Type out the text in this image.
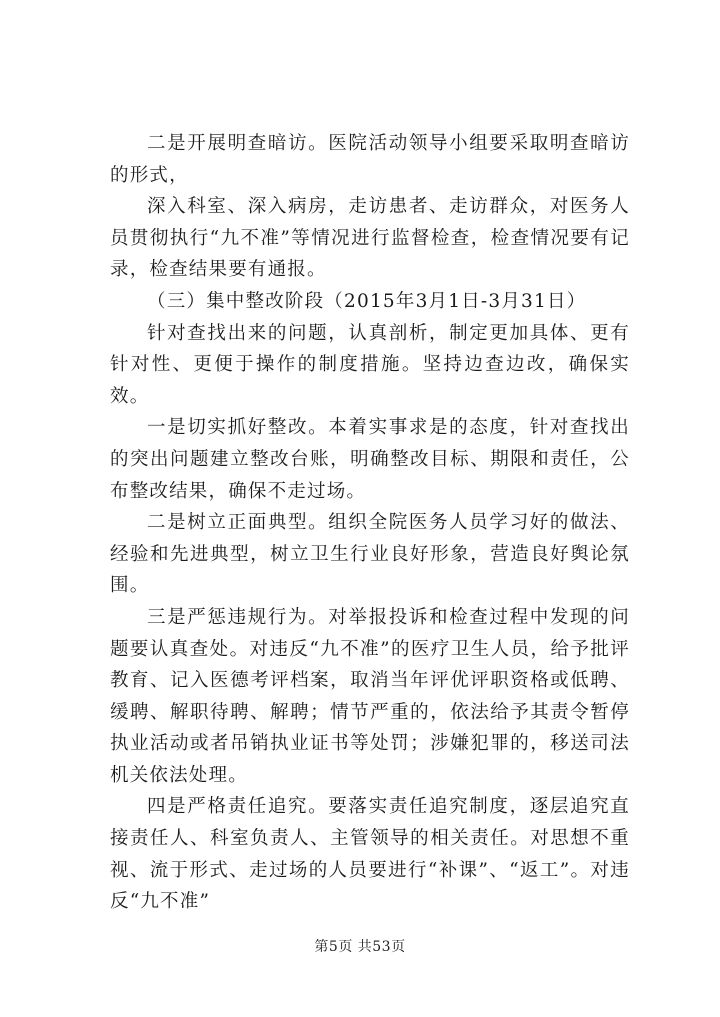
二是开展明查暗访。医院活动领导小组要采取明查暗访的形式，

深入科室、深入病房，走访患者、走访群众，对医务人员贯彻执行“九不准”等情况进行监督检查，检查情况要有记录，检查结果要有通报。

（三）集中整改阶段（2015年3月1日-3月31日）

针对查找出来的问题，认真剖析，制定更加具体、更有针对性、更便于操作的制度措施。坚持边查边改，确保实效。

一是切实抓好整改。本着实事求是的态度，针对查找出的突出问题建立整改台账，明确整改目标、期限和责任，公布整改结果，确保不走过场。

二是树立正面典型。组织全院医务人员学习好的做法、经验和先进典型，树立卫生行业良好形象，营造良好舆论氛围。

三是严惩违规行为。对举报投诉和检查过程中发现的问题要认真查处。对违反“九不准”的医疗卫生人员，给予批评教育、记入医德考评档案，取消当年评优评职资格或低聘、缓聘、解职待聘、解聘；情节严重的，依法给予其责令暂停执业活动或者吊销执业证书等处罚；涉嫌犯罪的，移送司法机关依法处理。

四是严格责任追究。要落实责任追究制度，逐层追究直接责任人、科室负责人、主管领导的相关责任。对思想不重视、流于形式、走过场的人员要进行“补课”、“返工”。对违反“九不准”

第5页 共53页
